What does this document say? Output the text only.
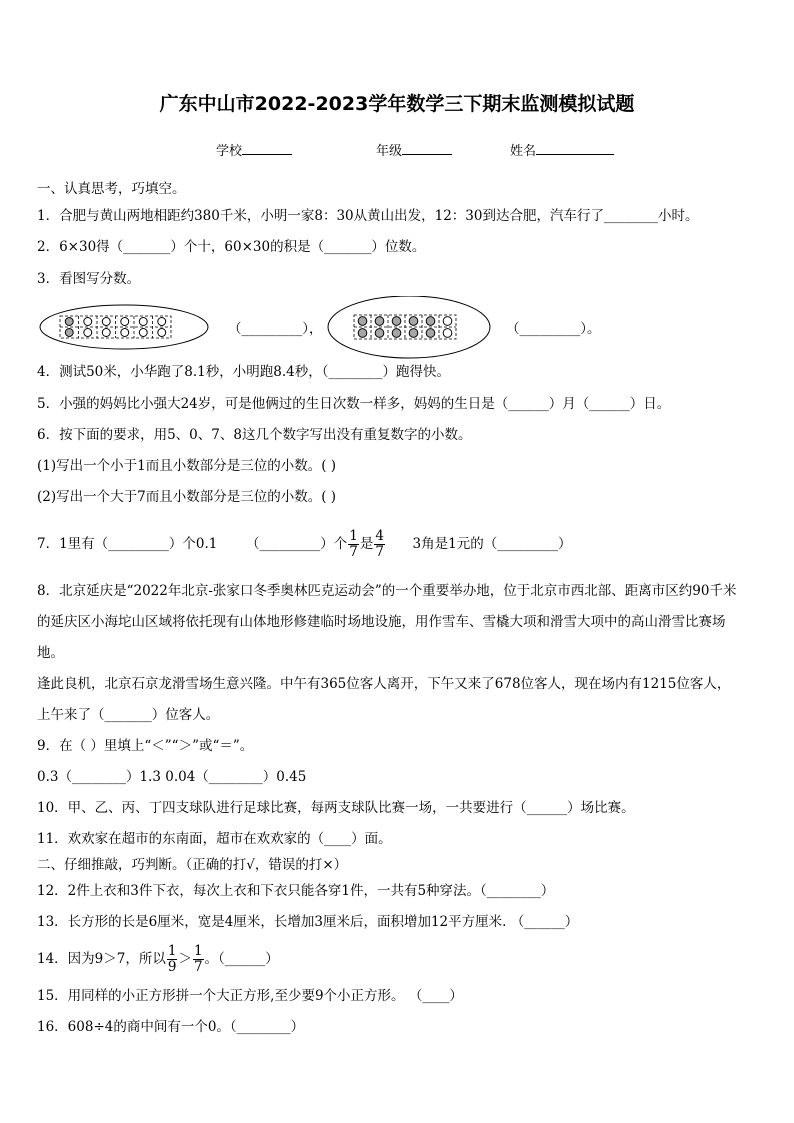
广东中山市2022-2023学年数学三下期末监测模拟试题
学校	年级	姓名
一、认真思考，巧填空。
1．合肥与黄山两地相距约380千米，小明一家8：30从黄山出发，12：30到达合肥，汽车行了________小时。
2．6×30得（_______）个十，60×30的积是（_______）位数。
3．看图写分数。
（_________），	（_________）。
4．测试50米，小华跑了8.1秒，小明跑8.4秒，（________）跑得快。
5．小强的妈妈比小强大24岁，可是他俩过的生日次数一样多，妈妈的生日是（______）月（______）日。
6．按下面的要求，用5、0、7、8这几个数字写出没有重复数字的小数。
(1)写出一个小于1而且小数部分是三位的小数。( )
(2)写出一个大于7而且小数部分是三位的小数。( )
7．1里有（_________）个0.1 （_________）个 $\frac{1}{7}$ 是 $\frac{4}{7} 3$角是1元的（_________）
8．北京延庆是“2022年北京-张家口冬季奥林匹克运动会”的一个重要举办地，位于北京市西北部、距离市区约90千米
的延庆区小海坨山区域将依托现有山体地形修建临时场地设施，用作雪车、雪橇大项和滑雪大项中的高山滑雪比赛场
地。
逢此良机，北京石京龙滑雪场生意兴隆。中午有365位客人离开，下午又来了678位客人，现在场内有1215位客人，
上午来了（_______）位客人。
9．在（ ）里填上“＜”“＞”或“＝”。
0.3（________）1.3 0.04（________）0.45
10．甲、乙、丙、丁四支球队进行足球比赛，每两支球队比赛一场，一共要进行（______）场比赛。
11．欢欢家在超市的东南面，超市在欢欢家的（____）面。
二、仔细推敲，巧判断。（正确的打√，错误的打×）
12．2件上衣和3件下衣，每次上衣和下衣只能各穿1件，一共有5种穿法。（________）
13．长方形的长是6厘米，宽是4厘米，长增加3厘米后，面积增加12平方厘米. （______）
14．因为9＞7，所以 $\frac{1}{9} > \frac{1}{7}$ 。（______）
15．用同样的小正方形拼一个大正方形,至少要9个小正方形。 （____）
16．608÷4的商中间有一个0。（________）
